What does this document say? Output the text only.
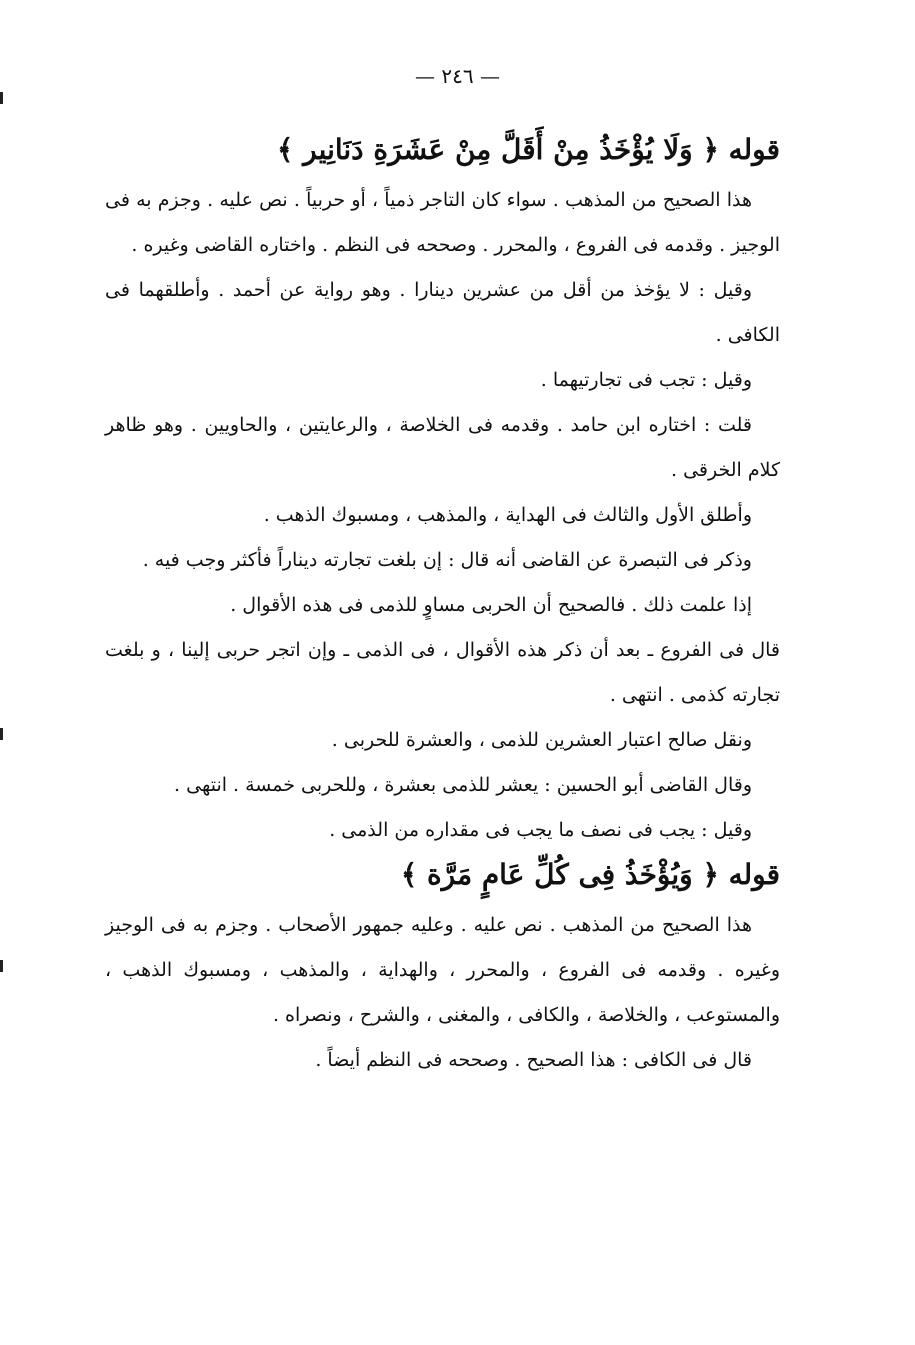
— ٢٤٦ —
قوله ﴿ وَلَا يُؤْخَذُ مِنْ أَقَلَّ مِنْ عَشَرَةِ دَنَانِير ﴾

هذا الصحيح من المذهب . سواء كان التاجر ذمياً ، أو حربياً . نص عليه . وجزم به فى الوجيز . وقدمه فى الفروع ، والمحرر . وصححه فى النظم . واختاره القاضى وغيره .

وقيل : لا يؤخذ من أقل من عشرين دينارا . وهو رواية عن أحمد . وأطلقهما فى الكافى .

وقيل : تجب فى تجارتيهما .

قلت : اختاره ابن حامد . وقدمه فى الخلاصة ، والرعايتين ، والحاويين . وهو ظاهر كلام الخرقى .

وأطلق الأول والثالث فى الهداية ، والمذهب ، ومسبوك الذهب .

وذكر فى التبصرة عن القاضى أنه قال : إن بلغت تجارته ديناراً فأكثر وجب فيه .

إذا علمت ذلك . فالصحيح أن الحربى مساوٍ للذمى فى هذه الأقوال .

قال فى الفروع ـ بعد أن ذكر هذه الأقوال ، فى الذمى ـ وإن اتجر حربى إلينا ، و بلغت تجارته كذمى . انتهى .

ونقل صالح اعتبار العشرين للذمى ، والعشرة للحربى .

وقال القاضى أبو الحسين : يعشر للذمى بعشرة ، وللحربى خمسة . انتهى .

وقيل : يجب فى نصف ما يجب فى مقداره من الذمى .

قوله ﴿ وَيُؤْخَذُ فِى كُلِّ عَامٍ مَرَّة ﴾

هذا الصحيح من المذهب . نص عليه . وعليه جمهور الأصحاب . وجزم به فى الوجيز وغيره . وقدمه فى الفروع ، والمحرر ، والهداية ، والمذهب ، ومسبوك الذهب ، والمستوعب ، والخلاصة ، والكافى ، والمغنى ، والشرح ، ونصراه .

قال فى الكافى : هذا الصحيح . وصححه فى النظم أيضاً .
